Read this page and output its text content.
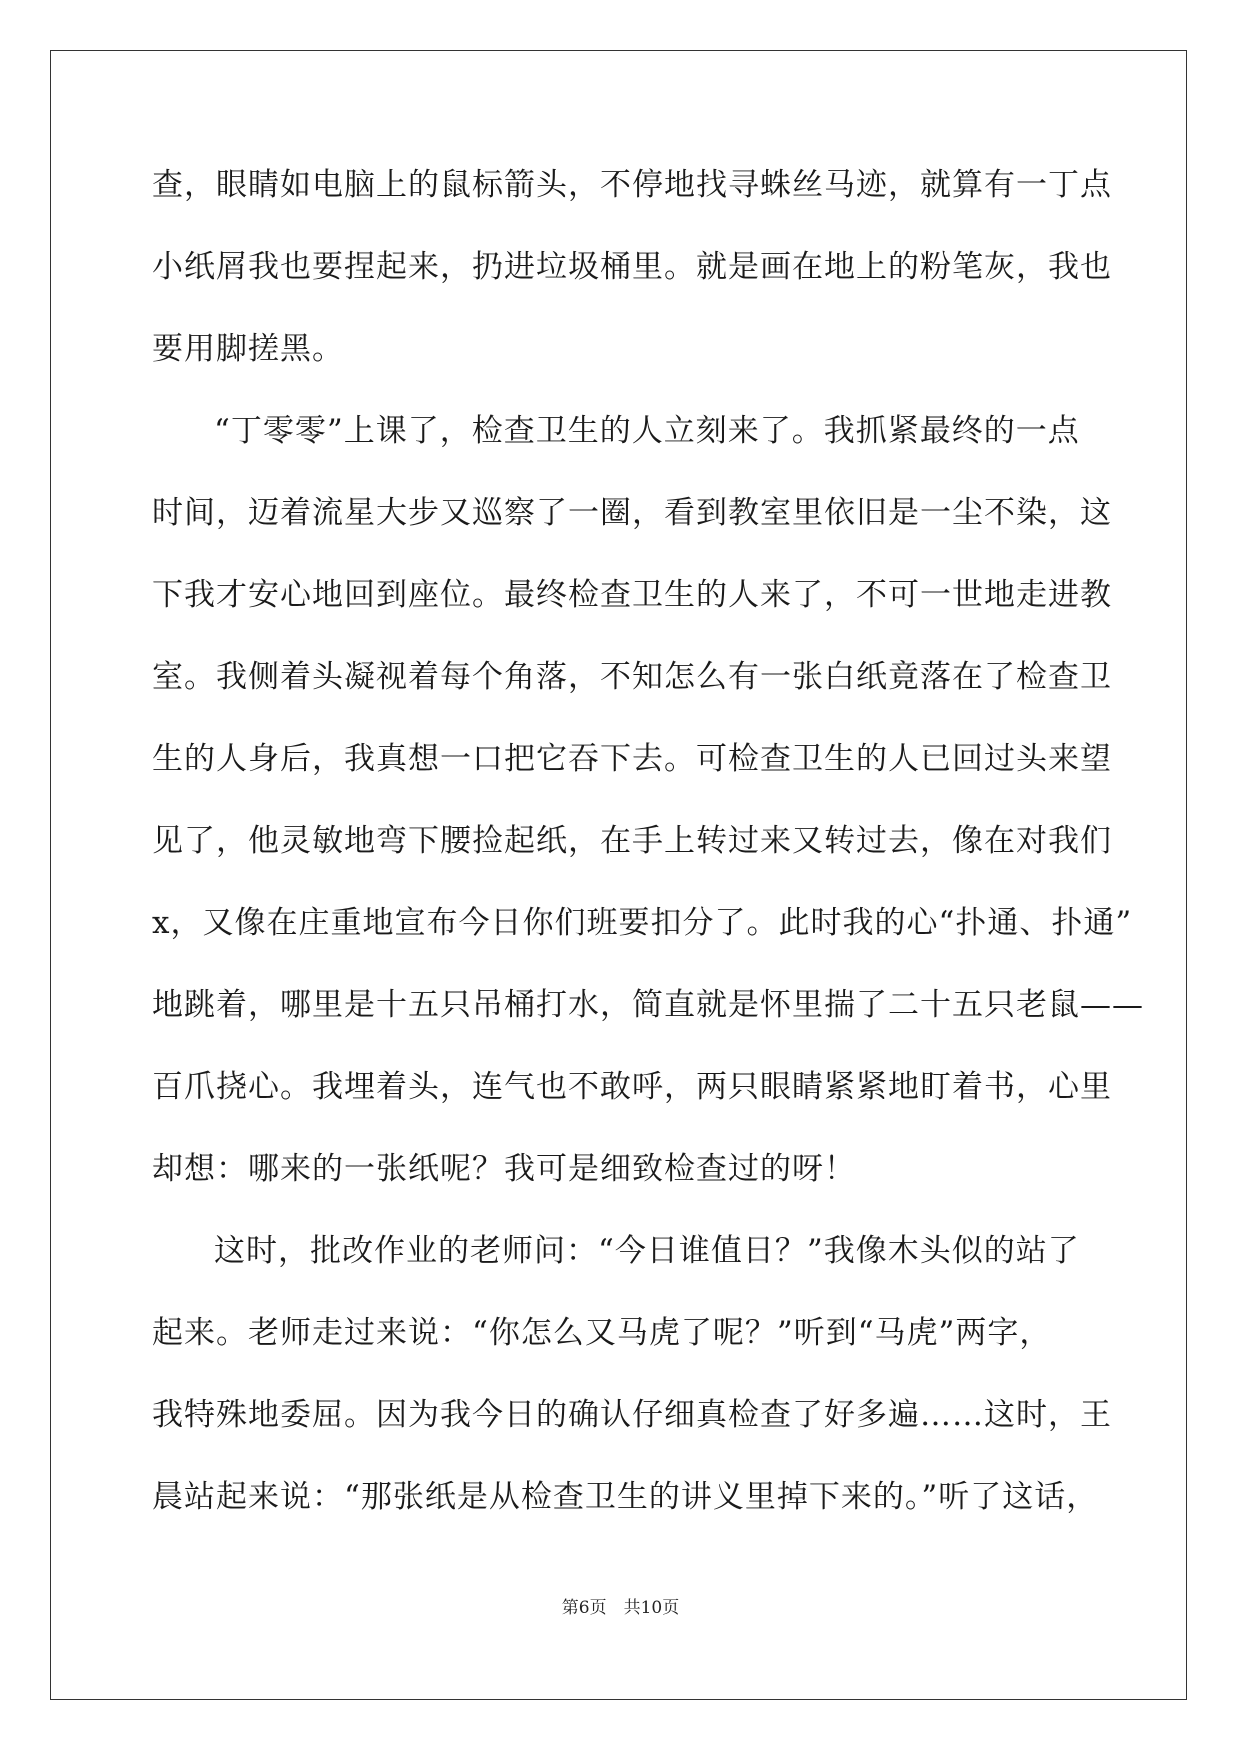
查，眼睛如电脑上的鼠标箭头，不停地找寻蛛丝马迹，就算有一丁点
小纸屑我也要捏起来，扔进垃圾桶里。就是画在地上的粉笔灰，我也
要用脚搓黑。
“丁零零”上课了，检查卫生的人立刻来了。我抓紧最终的一点
时间，迈着流星大步又巡察了一圈，看到教室里依旧是一尘不染，这
下我才安心地回到座位。最终检查卫生的人来了，不可一世地走进教
室。我侧着头凝视着每个角落，不知怎么有一张白纸竟落在了检查卫
生的人身后，我真想一口把它吞下去。可检查卫生的人已回过头来望
见了，他灵敏地弯下腰捡起纸，在手上转过来又转过去，像在对我们
x，又像在庄重地宣布今日你们班要扣分了。此时我的心“扑通、扑通”
地跳着，哪里是十五只吊桶打水，简直就是怀里揣了二十五只老鼠——
百爪挠心。我埋着头，连气也不敢呼，两只眼睛紧紧地盯着书，心里
却想：哪来的一张纸呢？我可是细致检查过的呀！
这时，批改作业的老师问：“今日谁值日？”我像木头似的站了
起来。老师走过来说：“你怎么又马虎了呢？”听到“马虎”两字，
我特殊地委屈。因为我今日的确认仔细真检查了好多遍……这时，王
晨站起来说：“那张纸是从检查卫生的讲义里掉下来的。”听了这话，
第6页　共10页
